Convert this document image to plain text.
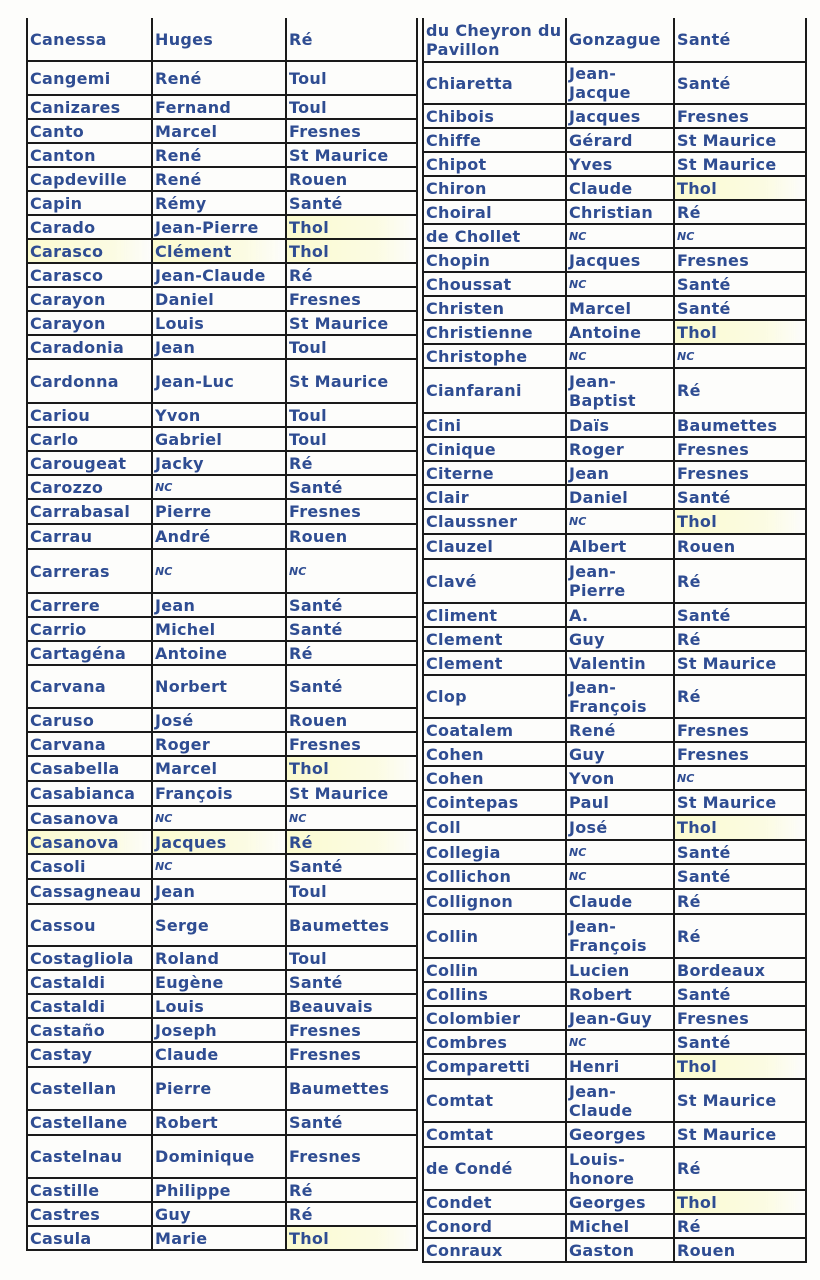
Canessa	Huges	Ré
Cangemi	René	Toul
Canizares	Fernand	Toul
Canto	Marcel	Fresnes
Canton	René	St Maurice
Capdeville	René	Rouen
Capin	Rémy	Santé
Carado	Jean-Pierre	Thol
Carasco	Clément	Thol
Carasco	Jean-Claude	Ré
Carayon	Daniel	Fresnes
Carayon	Louis	St Maurice
Caradonia	Jean	Toul
Cardonna	Jean-Luc	St Maurice
Cariou	Yvon	Toul
Carlo	Gabriel	Toul
Carougeat	Jacky	Ré
Carozzo	NC	Santé
Carrabasal	Pierre	Fresnes
Carrau	André	Rouen
Carreras	NC	NC
Carrere	Jean	Santé
Carrio	Michel	Santé
Cartagéna	Antoine	Ré
Carvana	Norbert	Santé
Caruso	José	Rouen
Carvana	Roger	Fresnes
Casabella	Marcel	Thol
Casabianca	François	St Maurice
Casanova	NC	NC
Casanova	Jacques	Ré
Casoli	NC	Santé
Cassagneau	Jean	Toul
Cassou	Serge	Baumettes
Costagliola	Roland	Toul
Castaldi	Eugène	Santé
Castaldi	Louis	Beauvais
Castaño	Joseph	Fresnes
Castay	Claude	Fresnes
Castellan	Pierre	Baumettes
Castellane	Robert	Santé
Castelnau	Dominique	Fresnes
Castille	Philippe	Ré
Castres	Guy	Ré
Casula	Marie	Thol
du Cheyron du Pavillon	Gonzague	Santé
Chiaretta	Jean-Jacque	Santé
Chibois	Jacques	Fresnes
Chiffe	Gérard	St Maurice
Chipot	Yves	St Maurice
Chiron	Claude	Thol
Choiral	Christian	Ré
de Chollet	NC	NC
Chopin	Jacques	Fresnes
Choussat	NC	Santé
Christen	Marcel	Santé
Christienne	Antoine	Thol
Christophe	NC	NC
Cianfarani	Jean-Baptist	Ré
Cini	Daïs	Baumettes
Cinique	Roger	Fresnes
Citerne	Jean	Fresnes
Clair	Daniel	Santé
Claussner	NC	Thol
Clauzel	Albert	Rouen
Clavé	Jean-Pierre	Ré
Climent	A.	Santé
Clement	Guy	Ré
Clement	Valentin	St Maurice
Clop	Jean-François	Ré
Coatalem	René	Fresnes
Cohen	Guy	Fresnes
Cohen	Yvon	NC
Cointepas	Paul	St Maurice
Coll	José	Thol
Collegia	NC	Santé
Collichon	NC	Santé
Collignon	Claude	Ré
Collin	Jean-François	Ré
Collin	Lucien	Bordeaux
Collins	Robert	Santé
Colombier	Jean-Guy	Fresnes
Combres	NC	Santé
Comparetti	Henri	Thol
Comtat	Jean-Claude	St Maurice
Comtat	Georges	St Maurice
de Condé	Louis-honore	Ré
Condet	Georges	Thol
Conord	Michel	Ré
Conraux	Gaston	Rouen
